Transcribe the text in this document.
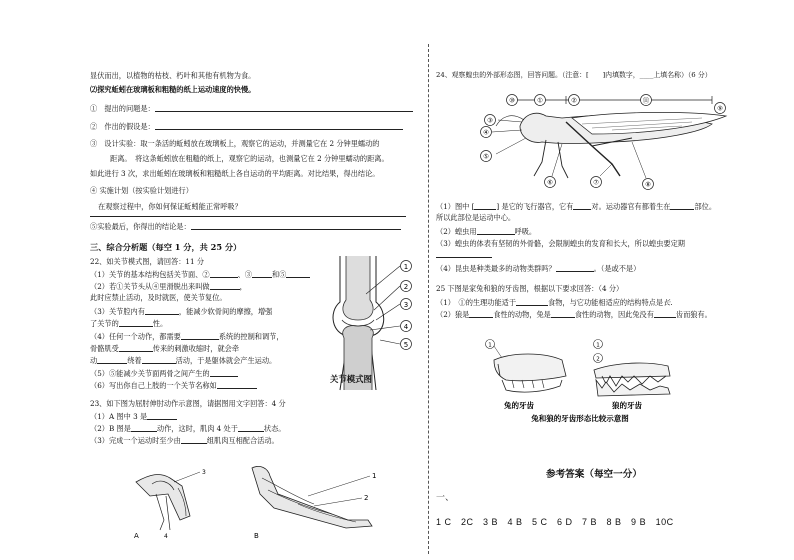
显伏而出，以植物的枯枝、朽叶和其他有机物为食。
⑵探究蚯蚓在玻璃板和粗糙的纸上运动速度的快慢。
①　提出的问题是：
②　作出的假设是：
③　设计实验：取一条活的蚯蚓放在玻璃板上，观察它的运动，并测量它在 2 分钟里蠕动的
距离。　将这条蚯蚓放在粗糙的纸上，观察它的运动，也测量它在 2 分钟里蠕动的距离。
如此进行 3 次，求出蚯蚓在玻璃板和粗糙纸上各自运动的平均距离。对比结果，得出结论。
④ 实施计划（按实验计划进行）
在观察过程中，你如何保证蚯蚓能正常呼吸？
⑤实验最后，你得出的结论是：
三、综合分析题（每空 1 分，共 25 分）
22、如关节模式图，请回答：11 分
（1）关节的基本结构包括关节面、②	、③	和⑤
（2）若①关节头从④里滑脱出来叫做	，
此时应禁止活动，及时就医，使关节复位。
（3）关节腔内有	，能减少软骨间的摩擦，增强
了关节的	性。
（4）任何一个动作，都需要	系统的控制和调节，
骨骼肌受	传来的刺激收缩时，就会牵
动	绕着	活动，于是躯体就会产生运动。
（5）⑤能减少关节面两骨之间产生的
（6）写出你自己上肢的一个关节名称如
1
2
3
4
5
关节模式图
23、如下图为屈肘伸肘动作示意图，请据图用文字回答：4 分
（1）A 图中 3 是
（2）B 图是	动作，这时，肌肉 4 处于	状态。
（3）完成一个运动时至少由	组肌肉互相配合活动。
3
4
A
1
2
B
24、观察蝗虫的外部形态图，回答问题。（注意：[　　]内填数字，____上填名称）（6 分）
⑩	①	②	⑪
③
④
⑤
⑥	⑦	⑧
⑨
（1）图中 [	] 是它的飞行器官，它有	对。运动器官有都着生在	部位。
所以此部位是运动中心。
（2）蝗虫用	呼吸。
（3）蝗虫的体表有坚韧的外骨骼，会限制蝗虫的发育和长大，所以蝗虫要定期
（4）昆虫是种类最多的动物类群吗？	。（是或不是）
25 下图是家兔和狼的牙齿图，根据以下要求回答：（4 分）
（1）　①的生理功能适于	食物，与它功能相适应的结构特点是长.
（2）狼是	食性的动物，兔是	食性的动物，因此兔没有	齿而狼有。
1	1
2
兔的牙齿	狼的牙齿
兔和狼的牙齿形态比较示意图
参考答案（每空一分）
一、
1 C　2C　3 B　4 B　5 C　6 D　7 B　8 B　9 B　10C
